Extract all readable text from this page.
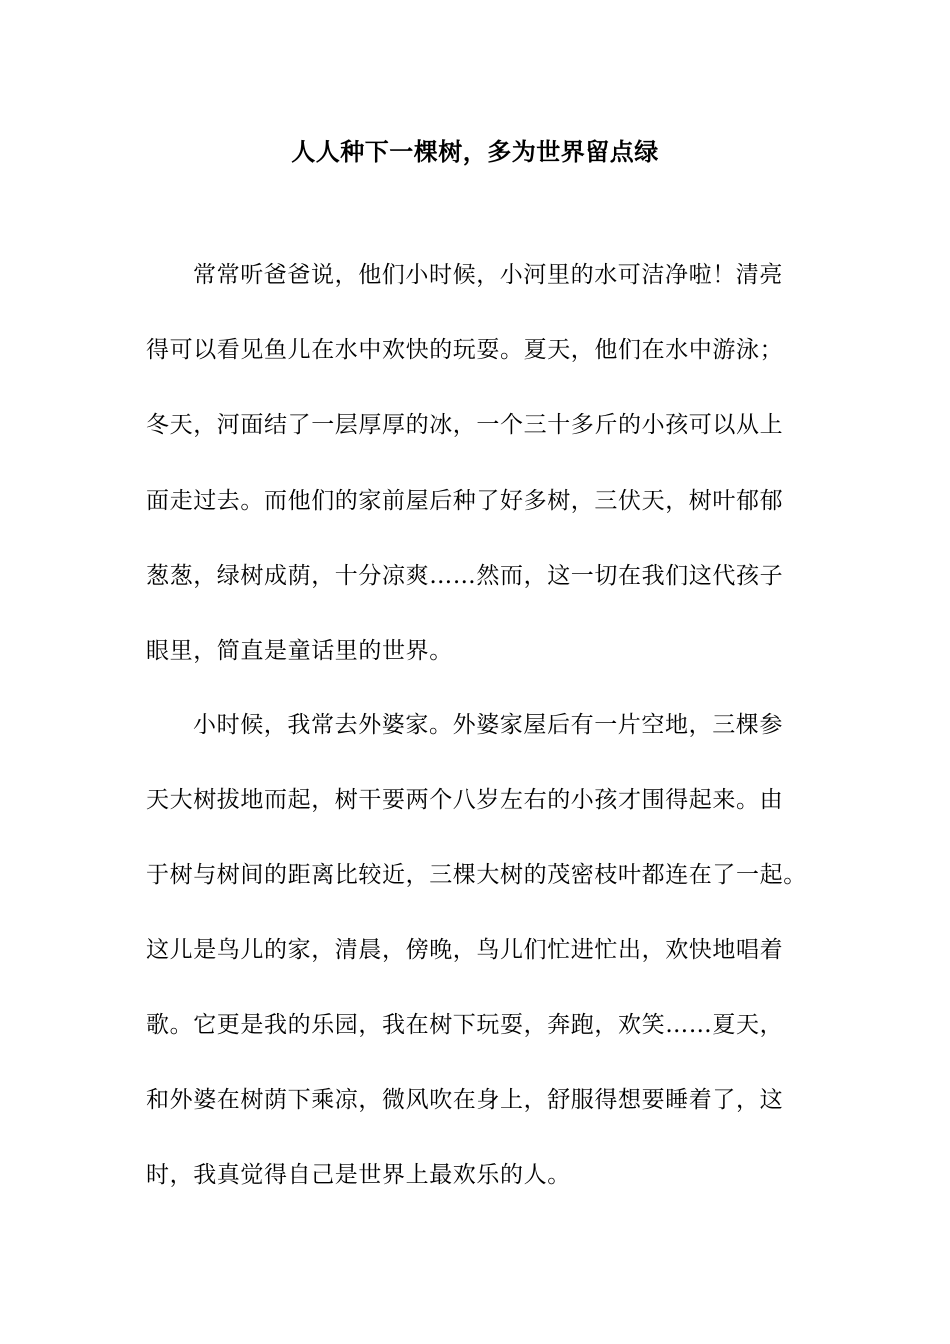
人人种下一棵树，多为世界留点绿
常常听爸爸说，他们小时候，小河里的水可洁净啦！清亮
得可以看见鱼儿在水中欢快的玩耍。夏天，他们在水中游泳；
冬天，河面结了一层厚厚的冰，一个三十多斤的小孩可以从上
面走过去。而他们的家前屋后种了好多树，三伏天，树叶郁郁
葱葱，绿树成荫，十分凉爽……然而，这一切在我们这代孩子
眼里，简直是童话里的世界。
小时候，我常去外婆家。外婆家屋后有一片空地，三棵参
天大树拔地而起，树干要两个八岁左右的小孩才围得起来。由
于树与树间的距离比较近，三棵大树的茂密枝叶都连在了一起。
这儿是鸟儿的家，清晨，傍晚，鸟儿们忙进忙出，欢快地唱着
歌。它更是我的乐园，我在树下玩耍，奔跑，欢笑……夏天，
和外婆在树荫下乘凉，微风吹在身上，舒服得想要睡着了，这
时，我真觉得自己是世界上最欢乐的人。
